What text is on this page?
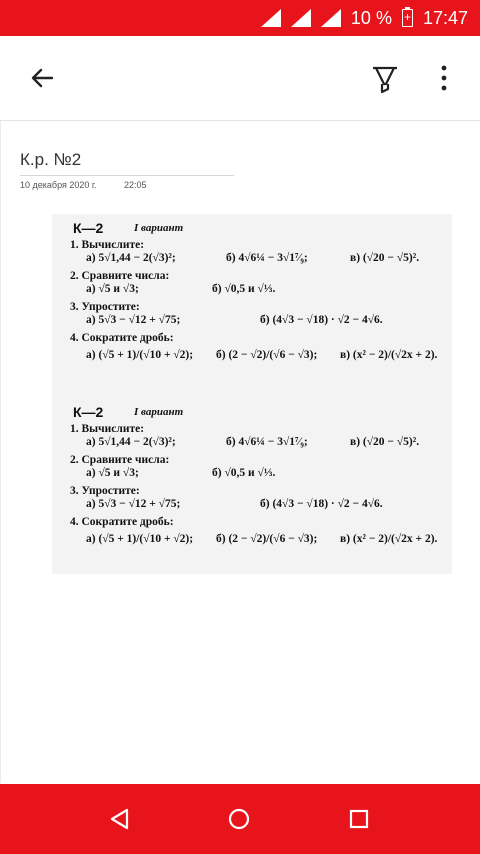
G	4G	10 %
+ 17:47
К.р. №2
10 декабря 2020 г.	22:05
К—2	I вариант
1. Вычислите:
а) 5√1,44 − 2(√3)²;	б) 4√6¼ − 3√1⁷⁄₉;	в) (√20 − √5)².
2. Сравните числа:
а) √5 и √3;	б) √0,5 и √⅓.
3. Упростите:
а) 5√3 − √12 + √75;	б) (4√3 − √18) · √2 − 4√6.
4. Сократите дробь:
а) (√5 + 1)/(√10 + √2); б) (2 − √2)/(√6 − √3); в) (x² − 2)/(√2x + 2).
К—2	I вариант
1. Вычислите:
а) 5√1,44 − 2(√3)²;	б) 4√6¼ − 3√1⁷⁄₉;	в) (√20 − √5)².
2. Сравните числа:
а) √5 и √3;	б) √0,5 и √⅓.
3. Упростите:
а) 5√3 − √12 + √75;	б) (4√3 − √18) · √2 − 4√6.
4. Сократите дробь:
а) (√5 + 1)/(√10 + √2); б) (2 − √2)/(√6 − √3); в) (x² − 2)/(√2x + 2).
